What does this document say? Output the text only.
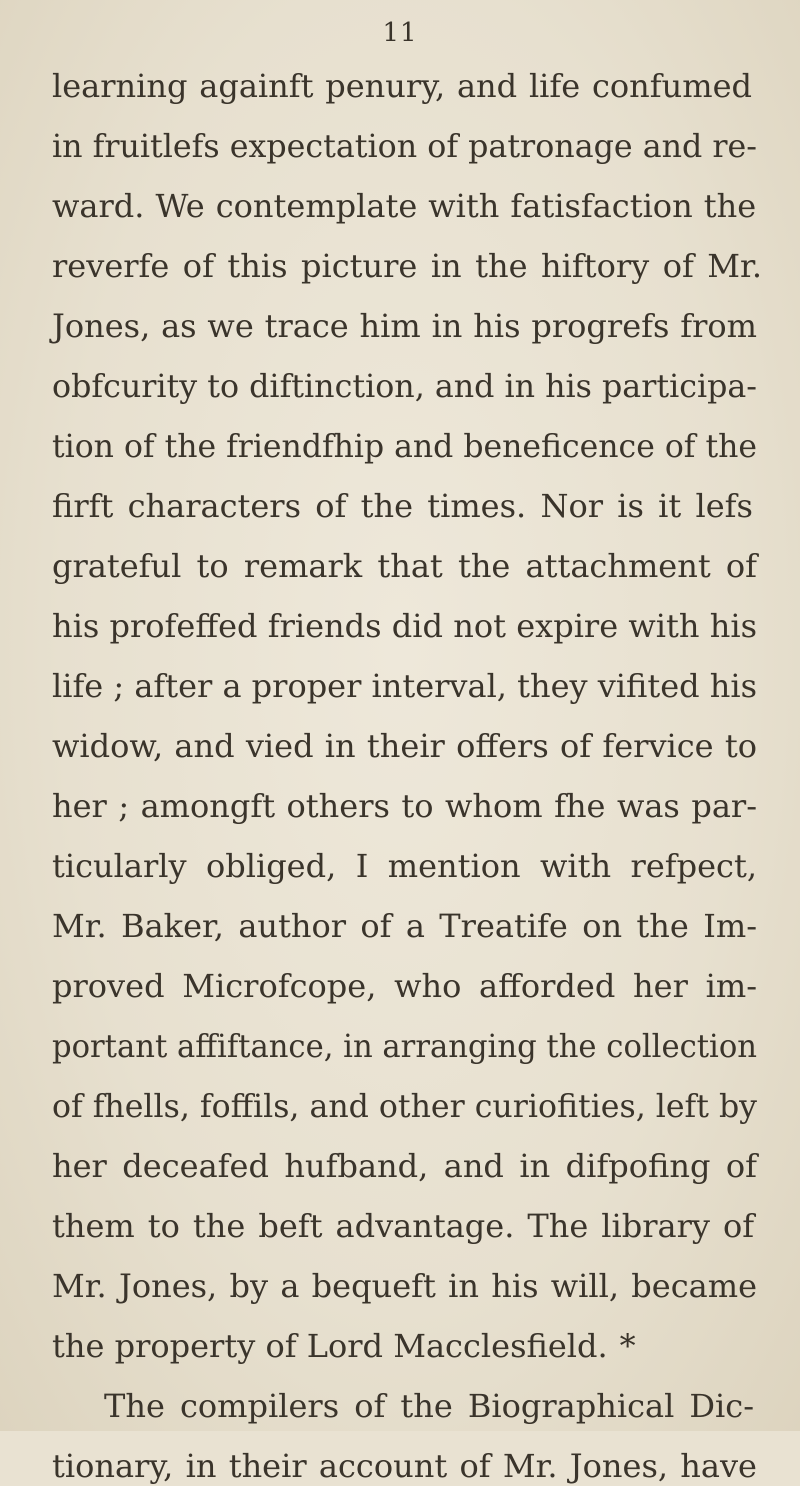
11
learning againft penury, and life confumed
in fruitlefs expectation of patronage and re-
ward. We contemplate with fatisfaction the
reverfe of this picture in the hiftory of Mr.
Jones, as we trace him in his progrefs from
obfcurity to diftinction, and in his participa-
tion of the friendfhip and beneficence of the
firft characters of the times. Nor is it lefs
grateful to remark that the attachment of
his profeffed friends did not expire with his
life ; after a proper interval, they vifited his
widow, and vied in their offers of fervice to
her ; amongft others to whom fhe was par-
ticularly obliged, I mention with refpect,
Mr. Baker, author of a Treatife on the Im-
proved Microfcope, who afforded her im-
portant affiftance, in arranging the collection
of fhells, foffils, and other curiofities, left by
her deceafed hufband, and in difpofing of
them to the beft advantage. The library of
Mr. Jones, by a bequeft in his will, became
the property of Lord Macclesfield. *
The compilers of the Biographical Dic-
tionary, in their account of Mr. Jones, have
